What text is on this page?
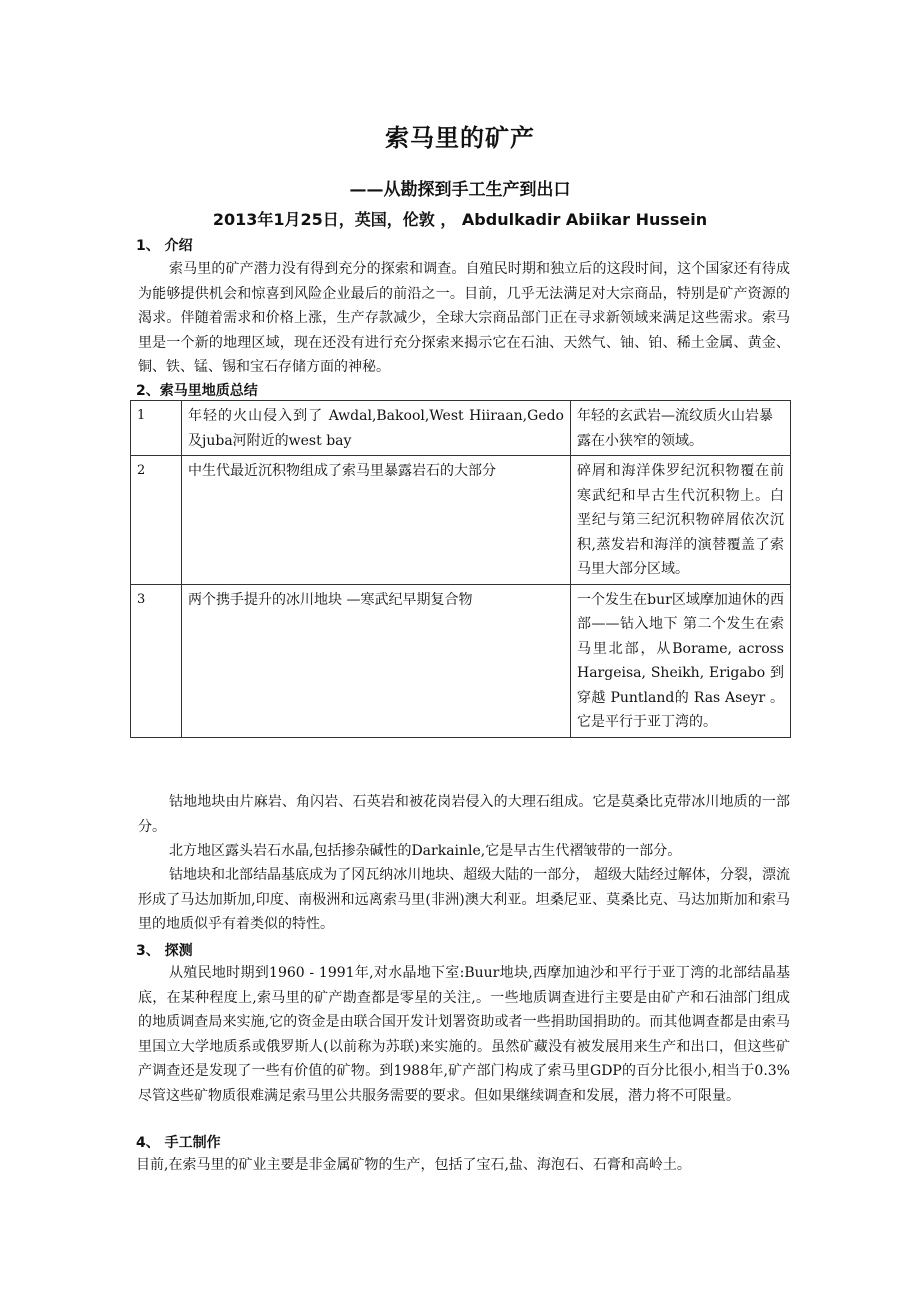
索马里的矿产
——从勘探到手工生产到出口
2013年1月25日，英国，伦敦 ， Abdulkadir Abiikar Hussein
1、 介绍

索马里的矿产潜力没有得到充分的探索和调查。自殖民时期和独立后的这段时间，这个国家还有待成为能够提供机会和惊喜到风险企业最后的前沿之一。目前，几乎无法满足对大宗商品，特别是矿产资源的渴求。伴随着需求和价格上涨，生产存款减少，全球大宗商品部门正在寻求新领域来满足这些需求。索马里是一个新的地理区域，现在还没有进行充分探索来揭示它在石油、天然气、铀、铂、稀土金属、黄金、铜、铁、锰、锡和宝石存储方面的神秘。

2、索马里地质总结
1	年轻的火山侵入到了 Awdal,Bakool,West Hiiraan,Gedo及juba河附近的west bay	年轻的玄武岩—流纹质火山岩暴露在小狭窄的领域。
2	中生代最近沉积物组成了索马里暴露岩石的大部分	碎屑和海洋侏罗纪沉积物覆在前寒武纪和早古生代沉积物上。白垩纪与第三纪沉积物碎屑依次沉积,蒸发岩和海洋的演替覆盖了索马里大部分区域。
3	两个携手提升的冰川地块 —寒武纪早期复合物	一个发生在bur区域摩加迪休的西部——钻入地下 第二个发生在索马里北部，从Borame, across Hargeisa, Sheikh, Erigabo 到穿越 Puntland的 Ras Aseyr 。它是平行于亚丁湾的。

钴地地块由片麻岩、角闪岩、石英岩和被花岗岩侵入的大理石组成。它是莫桑比克带冰川地质的一部分。

北方地区露头岩石水晶,包括掺杂碱性的Darkainle,它是早古生代褶皱带的一部分。

钴地块和北部结晶基底成为了冈瓦纳冰川地块、超级大陆的一部分， 超级大陆经过解体，分裂，漂流形成了马达加斯加,印度、南极洲和远离索马里(非洲)澳大利亚。坦桑尼亚、莫桑比克、马达加斯加和索马里的地质似乎有着类似的特性。

3、 探测

从殖民地时期到1960 - 1991年,对水晶地下室:Buur地块,西摩加迪沙和平行于亚丁湾的北部结晶基底，在某种程度上,索马里的矿产勘查都是零星的关注,。一些地质调查进行主要是由矿产和石油部门组成的地质调查局来实施,它的资金是由联合国开发计划署资助或者一些捐助国捐助的。而其他调查都是由索马里国立大学地质系或俄罗斯人(以前称为苏联)来实施的。虽然矿藏没有被发展用来生产和出口，但这些矿产调查还是发现了一些有价值的矿物。到1988年,矿产部门构成了索马里GDP的百分比很小,相当于0.3%尽管这些矿物质很难满足索马里公共服务需要的要求。但如果继续调查和发展，潜力将不可限量。

4、 手工制作

目前,在索马里的矿业主要是非金属矿物的生产，包括了宝石,盐、海泡石、石膏和高岭土。
